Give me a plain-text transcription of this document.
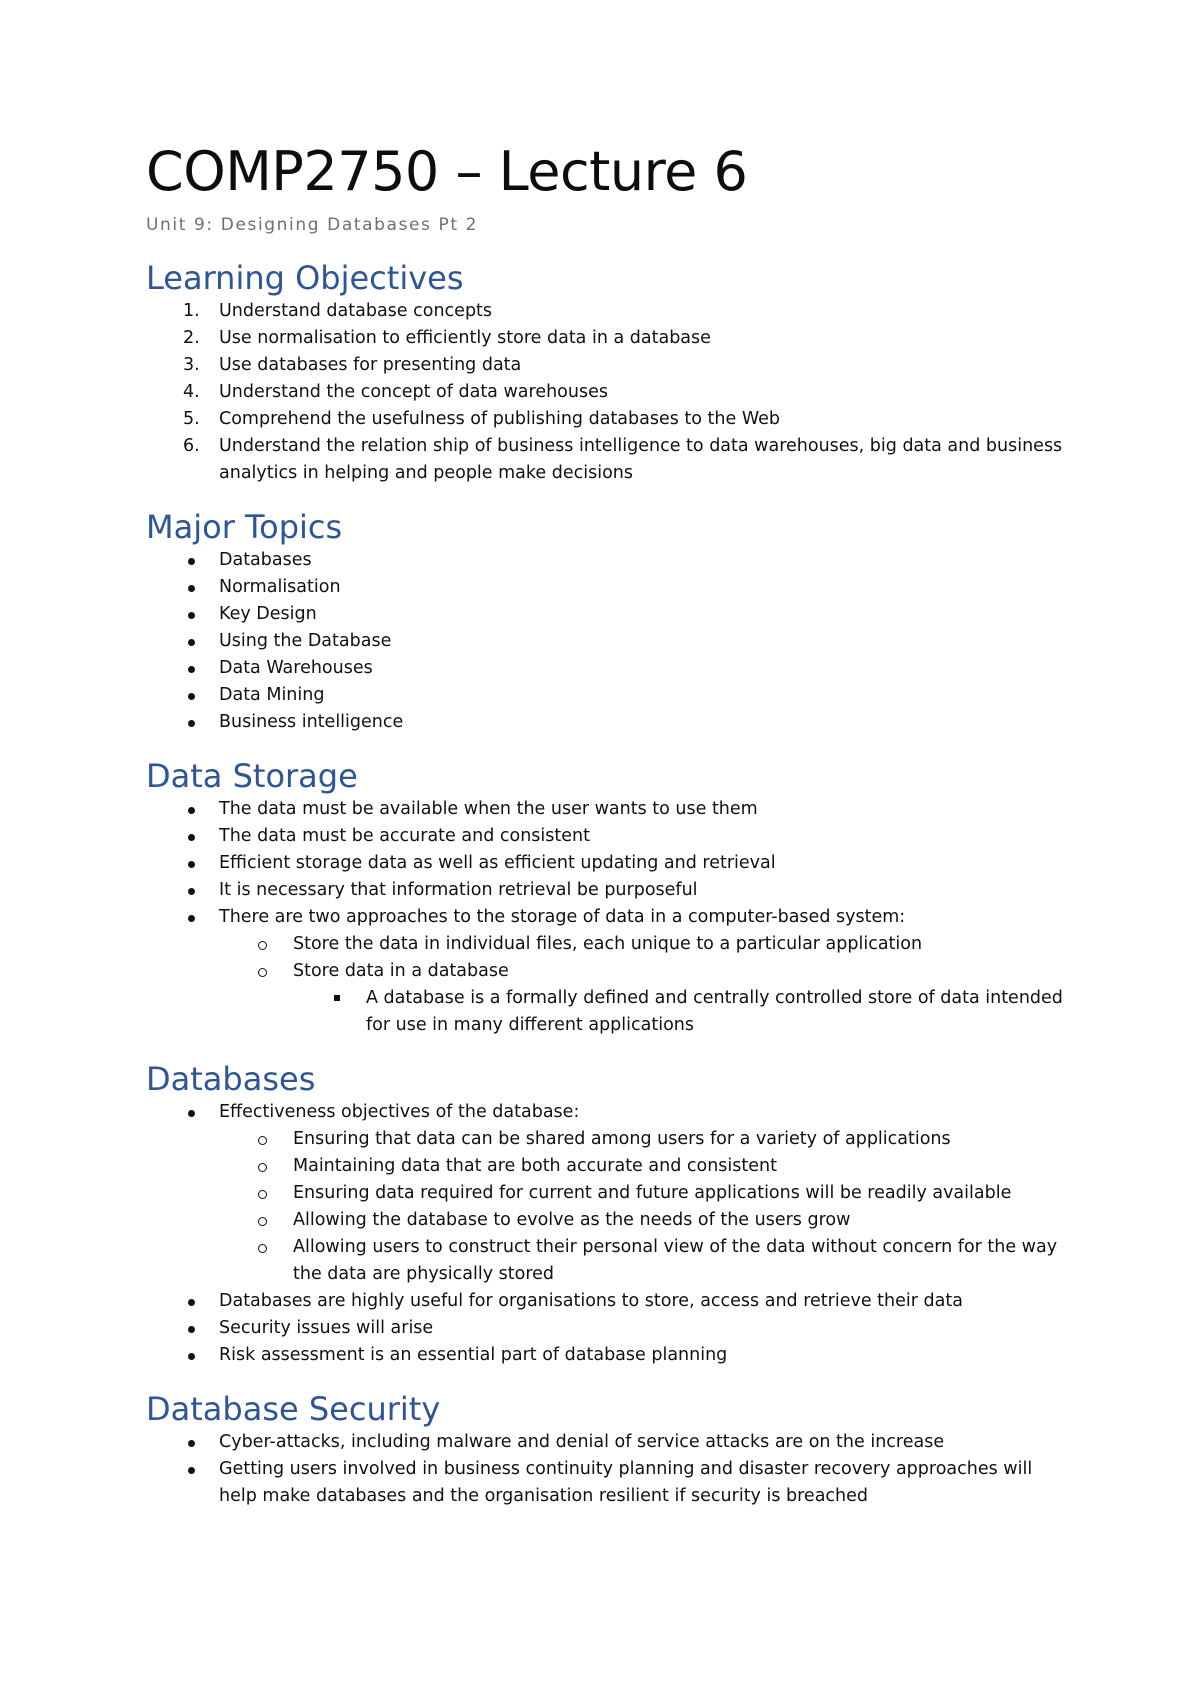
COMP2750 – Lecture 6
Unit 9: Designing Databases Pt 2
Learning Objectives
1.	Understand database concepts
2.	Use normalisation to efficiently store data in a database
3.	Use databases for presenting data
4.	Understand the concept of data warehouses
5.	Comprehend the usefulness of publishing databases to the Web
6.	Understand the relation ship of business intelligence to data warehouses, big data and business analytics in helping and people make decisions
Major Topics
Databases
Normalisation
Key Design
Using the Database
Data Warehouses
Data Mining
Business intelligence
Data Storage
The data must be available when the user wants to use them
The data must be accurate and consistent
Efficient storage data as well as efficient updating and retrieval
It is necessary that information retrieval be purposeful
There are two approaches to the storage of data in a computer-based system:
Store the data in individual files, each unique to a particular application
Store data in a database
A database is a formally defined and centrally controlled store of data intended for use in many different applications
Databases
Effectiveness objectives of the database:
Ensuring that data can be shared among users for a variety of applications
Maintaining data that are both accurate and consistent
Ensuring data required for current and future applications will be readily available
Allowing the database to evolve as the needs of the users grow
Allowing users to construct their personal view of the data without concern for the way the data are physically stored
Databases are highly useful for organisations to store, access and retrieve their data
Security issues will arise
Risk assessment is an essential part of database planning
Database Security
Cyber-attacks, including malware and denial of service attacks are on the increase
Getting users involved in business continuity planning and disaster recovery approaches will help make databases and the organisation resilient if security is breached
